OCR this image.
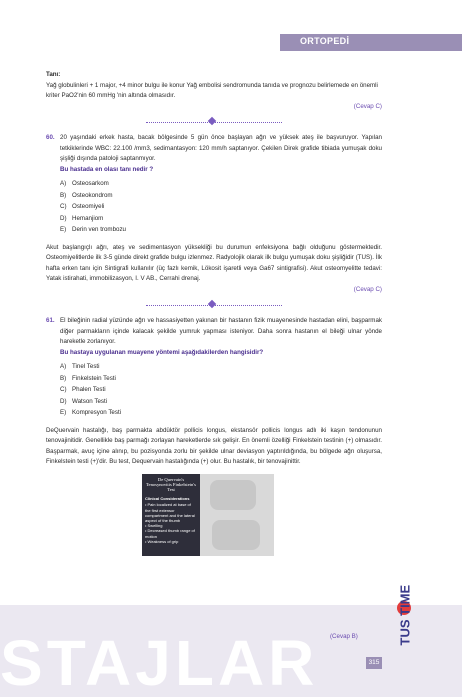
ORTOPEDİ

Tanı:

Yağ globulinleri + 1 major, +4 minor bulgu ile konur Yağ embolisi sendromunda tanıda ve prognozu belirlemede en önemli kriter PaO2'nin 60 mmHg 'nin altında olmasıdır.

(Cevap C)

60. 20 yaşındaki erkek hasta, bacak bölgesinde 5 gün önce başlayan ağrı ve yüksek ateş ile başvuruyor. Yapılan tetkiklerinde WBC: 22.100 /mm3, sedimantasyon: 120 mm/h saptanıyor. Çekilen Direk grafide tibiada yumuşak doku şişliği dışında patoloji saptanmıyor.

Bu hastada en olası tanı nedir ?

A) Osteosarkom
B) Osteokondrom
C) Osteomiyeli
D) Hemanjiom
E) Derin ven trombozu

Akut başlangıçlı ağrı, ateş ve sedimentasyon yüksekliği bu durumun enfeksiyona bağlı olduğunu göstermektedir. Osteomiyelitlerde ilk 3-5 günde direkt grafide bulgu izlenmez. Radyolojik olarak ilk bulgu yumuşak doku şişliğidir (TUS). İlk hafta erken tanı için Sintigrafi kullanılır (üç fazlı kemik, Lökosit işaretli veya Ga67 sintigrafisi). Akut osteomyelitte tedavi: Yatak istirahati, immobilizasyon, I. V AB., Cerrahi drenaj.

(Cevap C)

61. El bileğinin radial yüzünde ağrı ve hassasiyetten yakınan bir hastanın fizik muayenesinde hastadan elini, başparmak diğer parmakların içinde kalacak şekilde yumruk yapması isteniyor. Daha sonra hastanın el bileği ulnar yönde hareketle zorlanıyor.

Bu hastaya uygulanan muayene yöntemi aşağıdakilerden hangisidir?

A) Tinel Testi
B) Finkelstein Testi
C) Phalen Testi
D) Watson Testi
E) Kompresyon Testi

DeQuervain hastalığı, baş parmakta abdüktör pollicis longus, ekstansör pollicis longus adlı iki kaşın tendonunun tenovajinitidir. Genellikle baş parmağı zorlayan hareketlerde sık gelişir. En önemli özelliği Finkelstein testinin (+) olmasıdır. Başparmak, avuç içine alınıp, bu pozisyonda zorlu bir şekilde ulnar deviasyon yaptırıldığında, bu bölgede ağrı oluşursa, Finkelstein testi (+)'dir. Bu test, Dequervain hastalığında (+) olur. Bu hastalık, bir tenovajinittir.

De Quervain's Tenosynovitis Finkelstein's Test
Clinical Considerations
• Pain localized at base of the first extensor compartment and the lateral aspect of the thumb
• Swelling
• Decreased thumb range of motion
• Weakness of grip
STAJLAR (Cevap B)
315
TUS TIME
